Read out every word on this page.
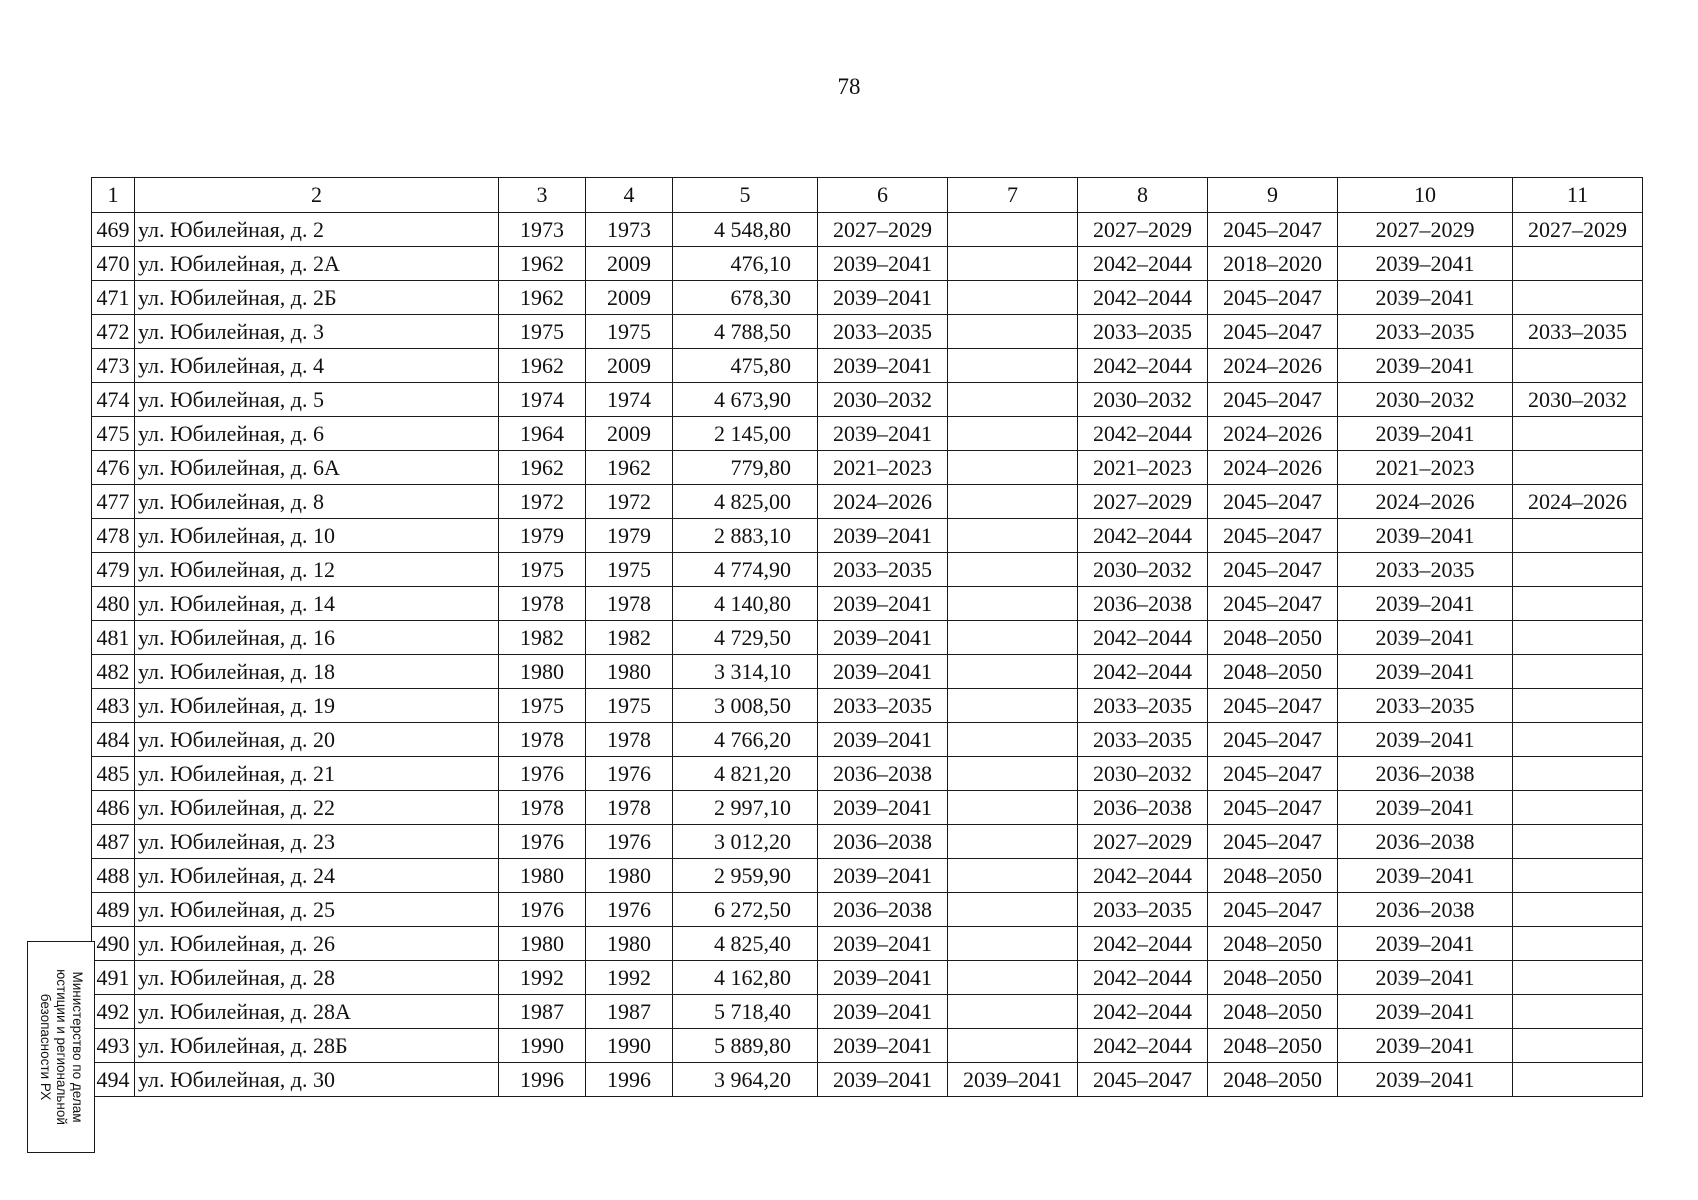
78
1	2	3	4	5	6	7	8	9	10	11
469	ул. Юбилейная, д. 2	1973	1973	4 548,80	2027–2029		2027–2029	2045–2047	2027–2029	2027–2029
470	ул. Юбилейная, д. 2А	1962	2009	476,10	2039–2041		2042–2044	2018–2020	2039–2041	
471	ул. Юбилейная, д. 2Б	1962	2009	678,30	2039–2041		2042–2044	2045–2047	2039–2041	
472	ул. Юбилейная, д. 3	1975	1975	4 788,50	2033–2035		2033–2035	2045–2047	2033–2035	2033–2035
473	ул. Юбилейная, д. 4	1962	2009	475,80	2039–2041		2042–2044	2024–2026	2039–2041	
474	ул. Юбилейная, д. 5	1974	1974	4 673,90	2030–2032		2030–2032	2045–2047	2030–2032	2030–2032
475	ул. Юбилейная, д. 6	1964	2009	2 145,00	2039–2041		2042–2044	2024–2026	2039–2041	
476	ул. Юбилейная, д. 6А	1962	1962	779,80	2021–2023		2021–2023	2024–2026	2021–2023	
477	ул. Юбилейная, д. 8	1972	1972	4 825,00	2024–2026		2027–2029	2045–2047	2024–2026	2024–2026
478	ул. Юбилейная, д. 10	1979	1979	2 883,10	2039–2041		2042–2044	2045–2047	2039–2041	
479	ул. Юбилейная, д. 12	1975	1975	4 774,90	2033–2035		2030–2032	2045–2047	2033–2035	
480	ул. Юбилейная, д. 14	1978	1978	4 140,80	2039–2041		2036–2038	2045–2047	2039–2041	
481	ул. Юбилейная, д. 16	1982	1982	4 729,50	2039–2041		2042–2044	2048–2050	2039–2041	
482	ул. Юбилейная, д. 18	1980	1980	3 314,10	2039–2041		2042–2044	2048–2050	2039–2041	
483	ул. Юбилейная, д. 19	1975	1975	3 008,50	2033–2035		2033–2035	2045–2047	2033–2035	
484	ул. Юбилейная, д. 20	1978	1978	4 766,20	2039–2041		2033–2035	2045–2047	2039–2041	
485	ул. Юбилейная, д. 21	1976	1976	4 821,20	2036–2038		2030–2032	2045–2047	2036–2038	
486	ул. Юбилейная, д. 22	1978	1978	2 997,10	2039–2041		2036–2038	2045–2047	2039–2041	
487	ул. Юбилейная, д. 23	1976	1976	3 012,20	2036–2038		2027–2029	2045–2047	2036–2038	
488	ул. Юбилейная, д. 24	1980	1980	2 959,90	2039–2041		2042–2044	2048–2050	2039–2041	
489	ул. Юбилейная, д. 25	1976	1976	6 272,50	2036–2038		2033–2035	2045–2047	2036–2038	
490	ул. Юбилейная, д. 26	1980	1980	4 825,40	2039–2041		2042–2044	2048–2050	2039–2041	
491	ул. Юбилейная, д. 28	1992	1992	4 162,80	2039–2041		2042–2044	2048–2050	2039–2041	
492	ул. Юбилейная, д. 28А	1987	1987	5 718,40	2039–2041		2042–2044	2048–2050	2039–2041	
493	ул. Юбилейная, д. 28Б	1990	1990	5 889,80	2039–2041		2042–2044	2048–2050	2039–2041	
494	ул. Юбилейная, д. 30	1996	1996	3 964,20	2039–2041	2039–2041	2045–2047	2048–2050	2039–2041	
Министерство по делам юстиции и региональной безопасности РХ
